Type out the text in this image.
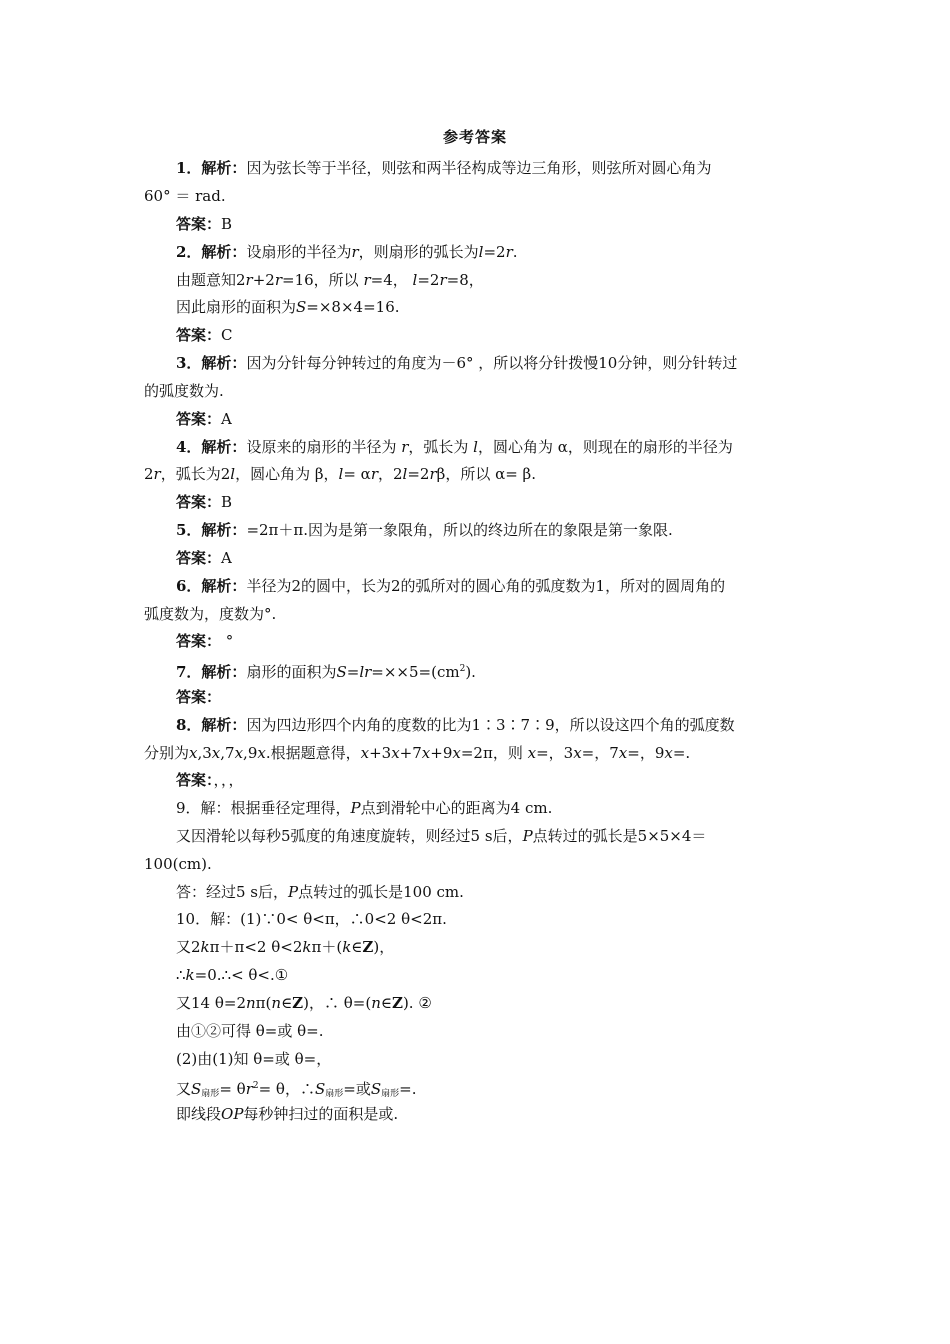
参考答案
1．解析：因为弦长等于半径，则弦和两半径构成等边三角形，则弦所对圆心角为
60° ＝ rad.
答案：B
2．解析：设扇形的半径为r，则扇形的弧长为l=2r.
由题意知2r+2r=16，所以 r=4， l=2r=8，
因此扇形的面积为S=×8×4=16.
答案：C
3．解析：因为分针每分钟转过的角度为－6° ，所以将分针拨慢10分钟，则分针转过
的弧度数为.
答案：A
4．解析：设原来的扇形的半径为 r，弧长为 l，圆心角为 α，则现在的扇形的半径为
2r，弧长为2l，圆心角为 β，l= αr，2l=2rβ，所以 α= β.
答案：B
5．解析：=2π＋π.因为是第一象限角，所以的终边所在的象限是第一象限.
答案：A
6．解析：半径为2的圆中，长为2的弧所对的圆心角的弧度数为1，所对的圆周角的
弧度数为，度数为°.
答案： °
7．解析：扇形的面积为$S=lr=\times\times 5=(cm^2)$.
答案：
8．解析：因为四边形四个内角的度数的比为1∶3∶7∶9，所以设这四个角的弧度数
分别为x,3x,7x,9x.根据题意得，x+3x+7x+9x=2π，则 x=，3x=，7x=，9x=.
答案：，，，
9．解：根据垂径定理得，P点到滑轮中心的距离为4 cm.
又因滑轮以每秒5弧度的角速度旋转，则经过5 s后，P点转过的弧长是5×5×4＝
100(cm).
答：经过5 s后，P点转过的弧长是100 cm.
10．解：(1)∵0< θ<π，∴0<2 θ<2π.
又2kπ＋π<2 θ<2kπ＋(k∈Z)，
∴k=0.∴< θ<.①
又14 θ=2nπ(n∈Z)，∴ θ=(n∈Z). ②
由①②可得 θ=或 θ=.
(2)由(1)知 θ=或 θ=，
又$S_{扇形}= \theta r^2= \theta$，$\therefore S_{扇形}=$或$S_{扇形}=$.
即线段OP每秒钟扫过的面积是或.
